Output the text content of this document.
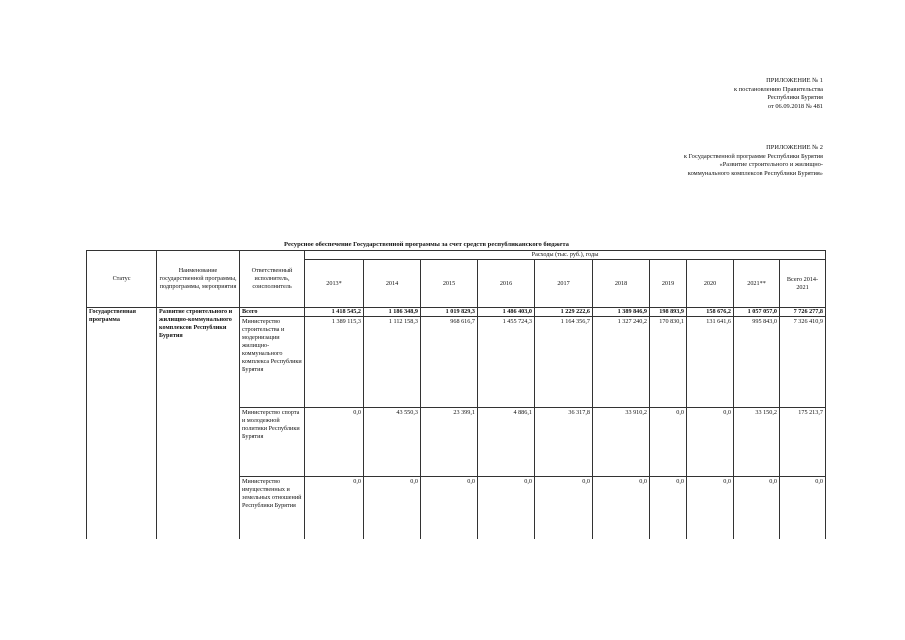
ПРИЛОЖЕНИЕ № 1
к постановлению Правительства
Республики Бурятия
от 06.09.2018 № 481
ПРИЛОЖЕНИЕ № 2
к Государственной программе Республики Бурятия
«Развитие строительного и жилищно-
коммунального комплексов Республики Бурятия»
Ресурсное обеспечение Государственной программы за счет средств республиканского бюджета
Статус	Наименование государственной программы, подпрограммы, мероприятия	Ответственный исполнитель, соисполнитель	Расходы (тыс. руб.), годы									
			2013*	2014	2015	2016	2017	2018	2019	2020	2021**	Всего 2014-2021
Государственная программа	Развитие строительного и жилищно-коммунального комплексов Республики Бурятия	Всего	1 418 545,2	1 186 348,9	1 019 829,3	1 486 403,0	1 229 222,6	1 389 846,9	198 893,9	158 676,2	1 057 057,0	7 726 277,8
		Министерство строительства и модернизации жилищно-коммунального комплекса Республики Бурятия	1 389 115,3	1 112 158,3	968 616,7	1 455 724,3	1 164 356,7	1 327 240,2	170 830,1	131 641,6	995 843,0	7 326 410,9
		Министерство спорта и молодежной политики Республики Бурятия	0,0	43 550,3	23 399,1	4 886,1	36 317,8	33 910,2	0,0	0,0	33 150,2	175 213,7
		Министерство имущественных и земельных отношений Республики Бурятия	0,0	0,0	0,0	0,0	0,0	0,0	0,0	0,0	0,0	0,0
